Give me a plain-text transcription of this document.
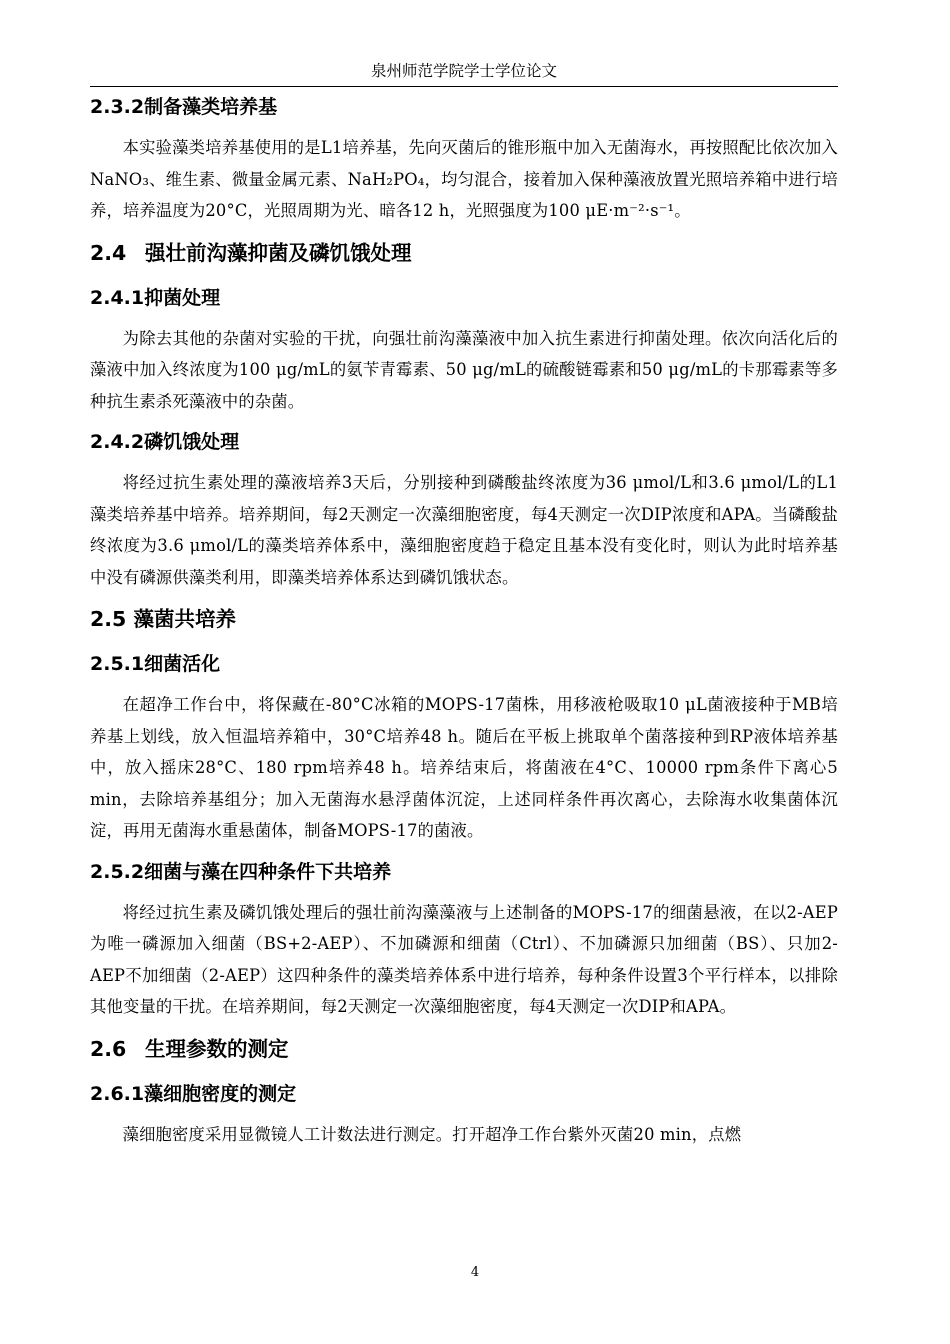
泉州师范学院学士学位论文
2.3.2制备藻类培养基

本实验藻类培养基使用的是L1培养基，先向灭菌后的锥形瓶中加入无菌海水，再按照配比依次加入NaNO₃、维生素、微量金属元素、NaH₂PO₄，均匀混合，接着加入保种藻液放置光照培养箱中进行培养，培养温度为20°C，光照周期为光、暗各12 h，光照强度为100 μE·m⁻²·s⁻¹。

2.4 强壮前沟藻抑菌及磷饥饿处理
2.4.1抑菌处理

为除去其他的杂菌对实验的干扰，向强壮前沟藻藻液中加入抗生素进行抑菌处理。依次向活化后的藻液中加入终浓度为100 μg/mL的氨苄青霉素、50 μg/mL的硫酸链霉素和50 μg/mL的卡那霉素等多种抗生素杀死藻液中的杂菌。

2.4.2磷饥饿处理

将经过抗生素处理的藻液培养3天后，分别接种到磷酸盐终浓度为36 μmol/L和3.6 μmol/L的L1藻类培养基中培养。培养期间，每2天测定一次藻细胞密度，每4天测定一次DIP浓度和APA。当磷酸盐终浓度为3.6 μmol/L的藻类培养体系中，藻细胞密度趋于稳定且基本没有变化时，则认为此时培养基中没有磷源供藻类利用，即藻类培养体系达到磷饥饿状态。

2.5 藻菌共培养
2.5.1细菌活化

在超净工作台中，将保藏在-80°C冰箱的MOPS-17菌株，用移液枪吸取10 μL菌液接种于MB培养基上划线，放入恒温培养箱中，30°C培养48 h。随后在平板上挑取单个菌落接种到RP液体培养基中，放入摇床28°C、180 rpm培养48 h。培养结束后，将菌液在4°C、10000 rpm条件下离心5 min，去除培养基组分；加入无菌海水悬浮菌体沉淀，上述同样条件再次离心，去除海水收集菌体沉淀，再用无菌海水重悬菌体，制备MOPS-17的菌液。

2.5.2细菌与藻在四种条件下共培养

将经过抗生素及磷饥饿处理后的强壮前沟藻藻液与上述制备的MOPS-17的细菌悬液，在以2-AEP为唯一磷源加入细菌（BS+2-AEP）、不加磷源和细菌（Ctrl）、不加磷源只加细菌（BS）、只加2-AEP不加细菌（2-AEP）这四种条件的藻类培养体系中进行培养，每种条件设置3个平行样本，以排除其他变量的干扰。在培养期间，每2天测定一次藻细胞密度，每4天测定一次DIP和APA。

2.6 生理参数的测定
2.6.1藻细胞密度的测定

藻细胞密度采用显微镜人工计数法进行测定。打开超净工作台紫外灭菌20 min，点燃

4
